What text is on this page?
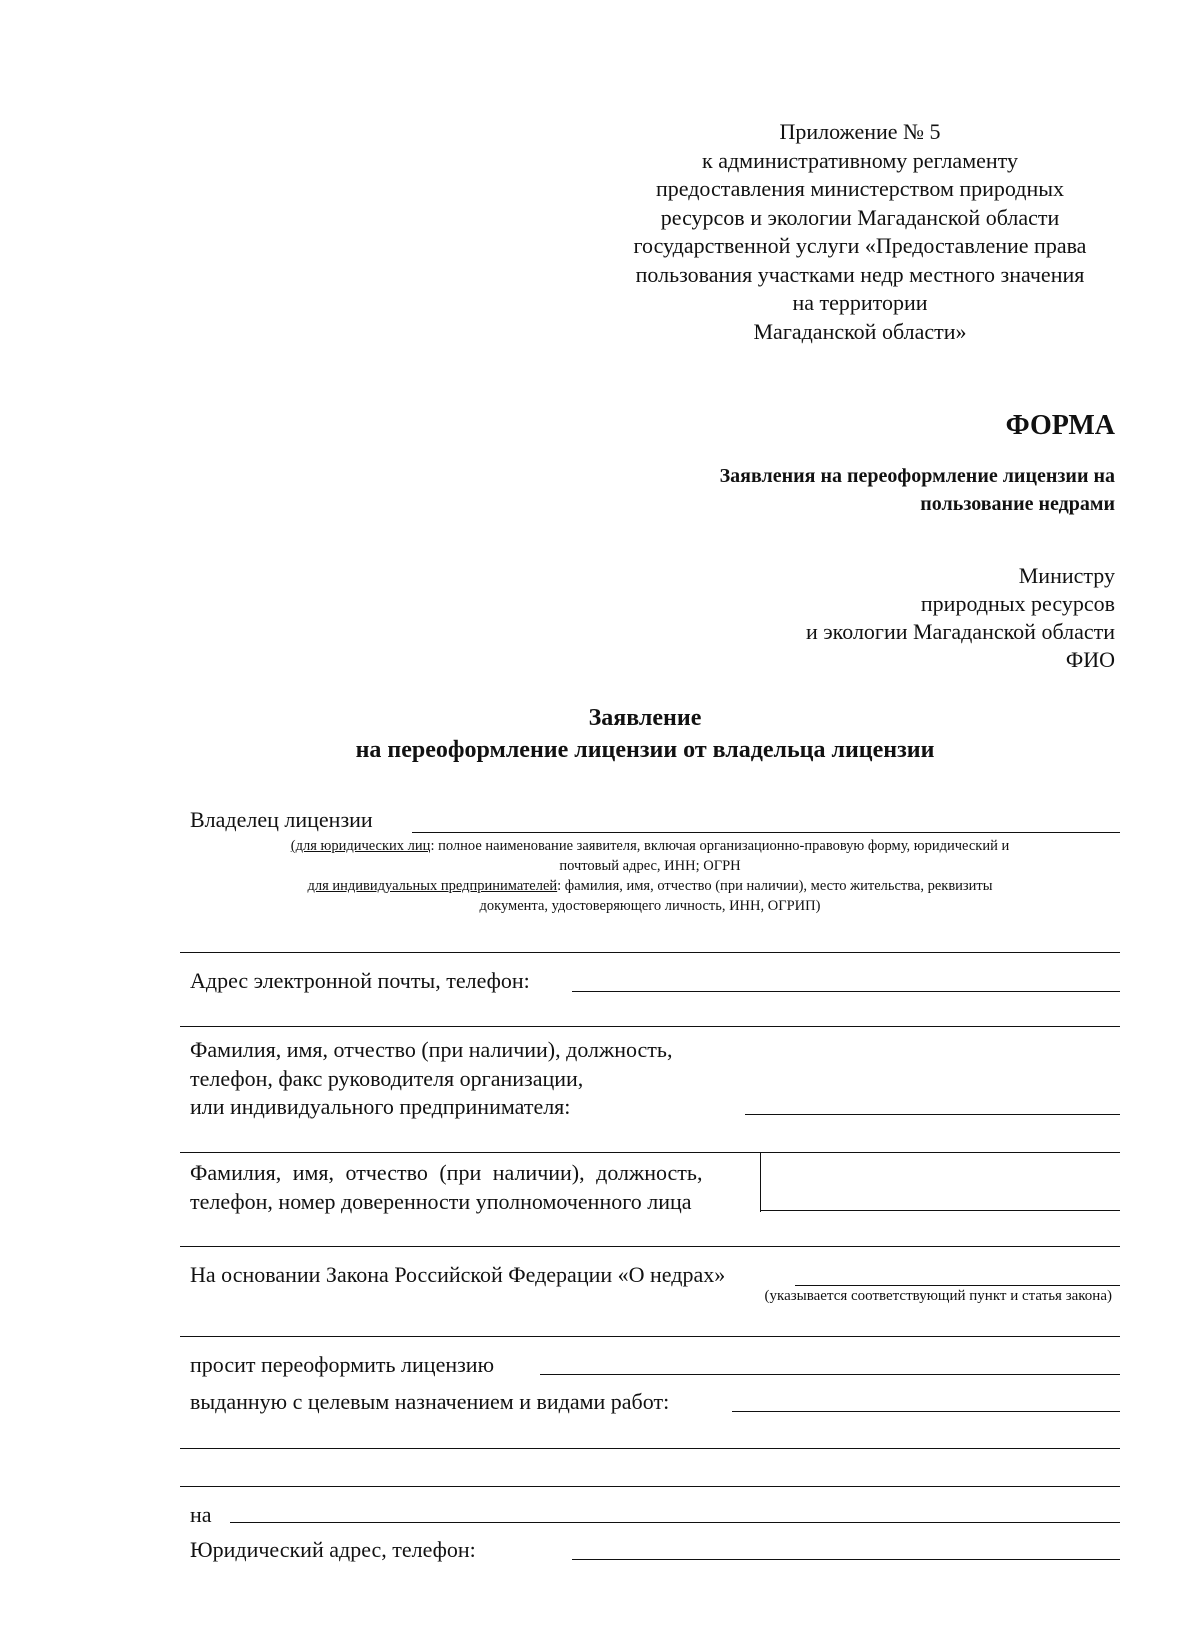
Приложение № 5
к административному регламенту
предоставления министерством природных
ресурсов и экологии Магаданской области
государственной услуги «Предоставление права
пользования участками недр местного значения
на территории
Магаданской области»
ФОРМА
Заявления на переоформление лицензии на
пользование недрами
Министру
природных ресурсов
и экологии Магаданской области
ФИО
Заявление
на переоформление лицензии от владельца лицензии
Владелец лицензии
(для юридических лиц: полное наименование заявителя, включая организационно-правовую форму, юридический и
почтовый адрес, ИНН; ОГРН
для индивидуальных предпринимателей: фамилия, имя, отчество (при наличии), место жительства, реквизиты
документа, удостоверяющего личность, ИНН, ОГРИП)
Адрес электронной почты, телефон:
Фамилия, имя, отчество (при наличии), должность,
телефон, факс руководителя организации,
или индивидуального предпринимателя:
Фамилия, имя, отчество (при наличии), должность,
телефон, номер доверенности уполномоченного лица
На основании Закона Российской Федерации «О недрах»
(указывается соответствующий пункт и статья закона)
просит переоформить лицензию
выданную с целевым назначением и видами работ:
на
Юридический адрес, телефон:
